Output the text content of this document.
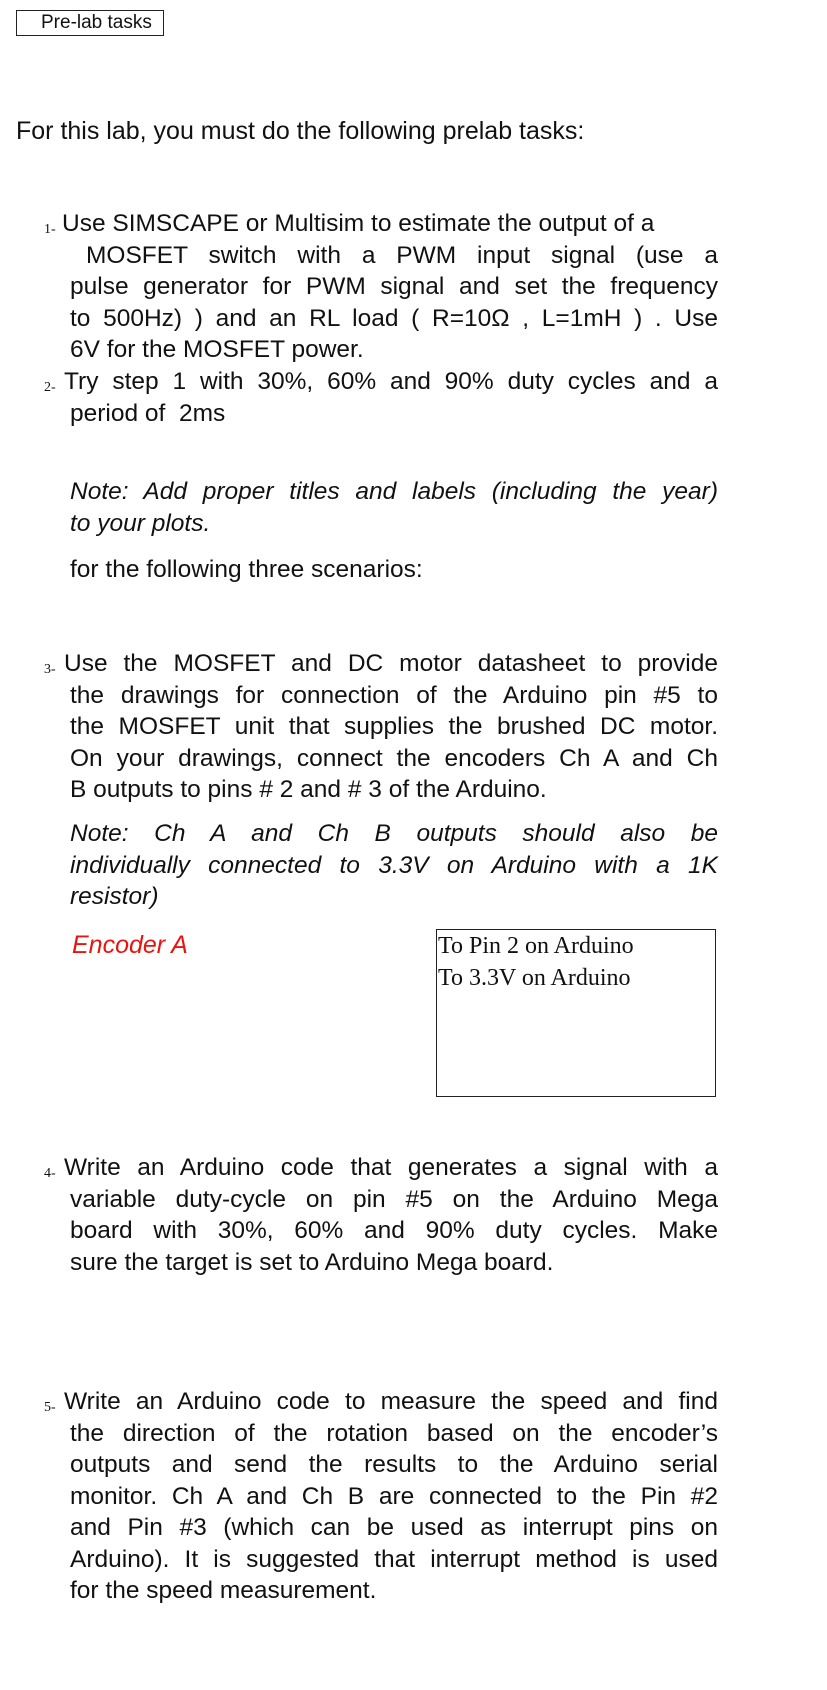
Pre-lab tasks
For this lab, you must do the following prelab tasks:
1- Use SIMSCAPE or Multisim to estimate the output of a
MOSFET switch with a PWM input signal (use a
pulse generator for PWM signal and set the frequency
to 500Hz) ) and an RL load ( R=10Ω , L=1mH ) . Use
6V for the MOSFET power.
2- Try step 1 with 30%, 60% and 90% duty cycles and a
period of  2ms
Note: Add proper titles and labels (including the year)
to your plots.
for the following three scenarios:
3- Use the MOSFET and DC motor datasheet to provide
the drawings for connection of the Arduino pin #5 to
the MOSFET unit that supplies the brushed DC motor.
On your drawings, connect the encoders Ch A and Ch
B outputs to pins # 2 and # 3 of the Arduino.
Note: Ch A and Ch B outputs should also be
individually connected to 3.3V on Arduino with a 1K
resistor)
Encoder A	To Pin 2 on Arduino
To 3.3V on Arduino
4- Write an Arduino code that generates a signal with a
variable duty-cycle on pin #5 on the Arduino Mega
board with 30%, 60% and 90% duty cycles. Make
sure the target is set to Arduino Mega board.
5- Write an Arduino code to measure the speed and find
the direction of the rotation based on the encoder’s
outputs and send the results to the Arduino serial
monitor. Ch A and Ch B are connected to the Pin #2
and Pin #3 (which can be used as interrupt pins on
Arduino). It is suggested that interrupt method is used
for the speed measurement.
